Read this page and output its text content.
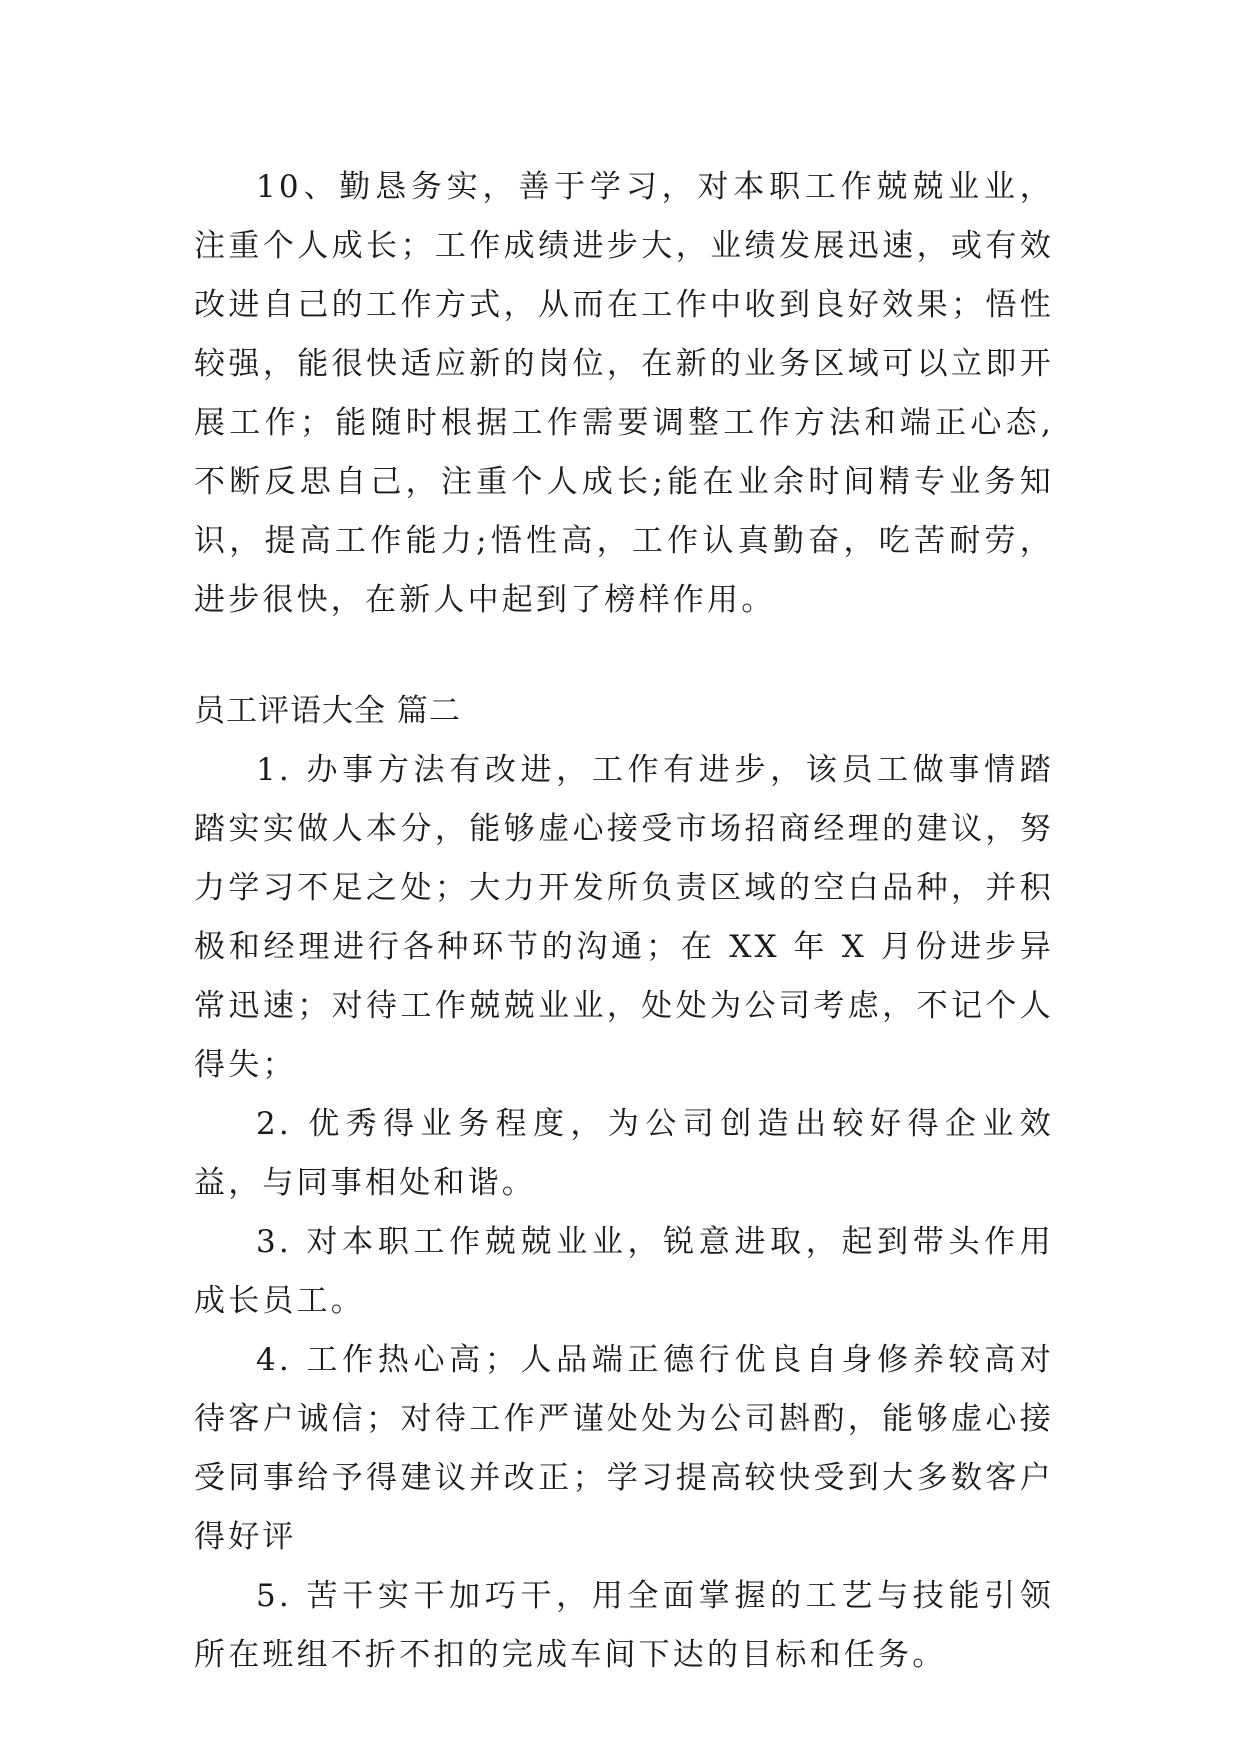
10、勤恳务实，善于学习，对本职工作兢兢业业，注重个人成长；工作成绩进步大，业绩发展迅速，或有效改进自己的工作方式，从而在工作中收到良好效果；悟性较强，能很快适应新的岗位，在新的业务区域可以立即开展工作；能随时根据工作需要调整工作方法和端正心态,不断反思自己，注重个人成长;能在业余时间精专业务知识，提高工作能力;悟性高，工作认真勤奋，吃苦耐劳，进步很快，在新人中起到了榜样作用。

员工评语大全 篇二

1. 办事方法有改进，工作有进步，该员工做事情踏踏实实做人本分，能够虚心接受市场招商经理的建议，努力学习不足之处；大力开发所负责区域的空白品种，并积极和经理进行各种环节的沟通；在 XX 年 X 月份进步异常迅速；对待工作兢兢业业，处处为公司考虑，不记个人得失；

2. 优秀得业务程度，为公司创造出较好得企业效益，与同事相处和谐。

3. 对本职工作兢兢业业，锐意进取，起到带头作用 成长员工。

4. 工作热心高；人品端正德行优良自身修养较高对待客户诚信；对待工作严谨处处为公司斟酌，能够虚心接受同事给予得建议并改正；学习提高较快受到大多数客户得好评

5. 苦干实干加巧干，用全面掌握的工艺与技能引领所在班组不折不扣的完成车间下达的目标和任务。
